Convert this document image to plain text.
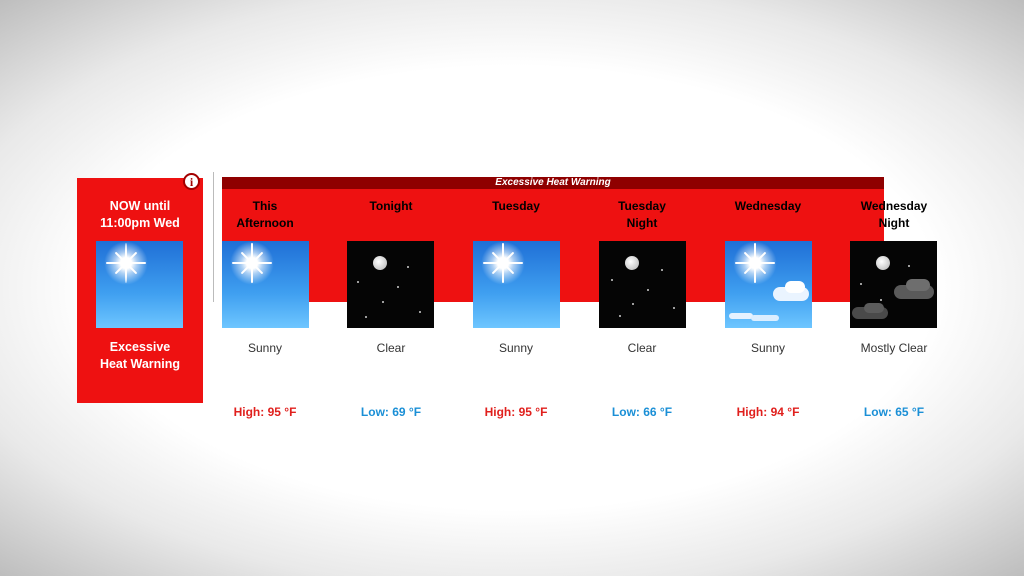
i
NOW until
11:00pm Wed
Excessive
Heat Warning
Excessive Heat Warning
This
Afternoon
Sunny
High: 95 °F
Tonight
Clear
Low: 69 °F
Tuesday
Sunny
High: 95 °F
Tuesday
Night
Clear
Low: 66 °F
Wednesday
Sunny
High: 94 °F
Wednesday
Night
Mostly Clear
Low: 65 °F
